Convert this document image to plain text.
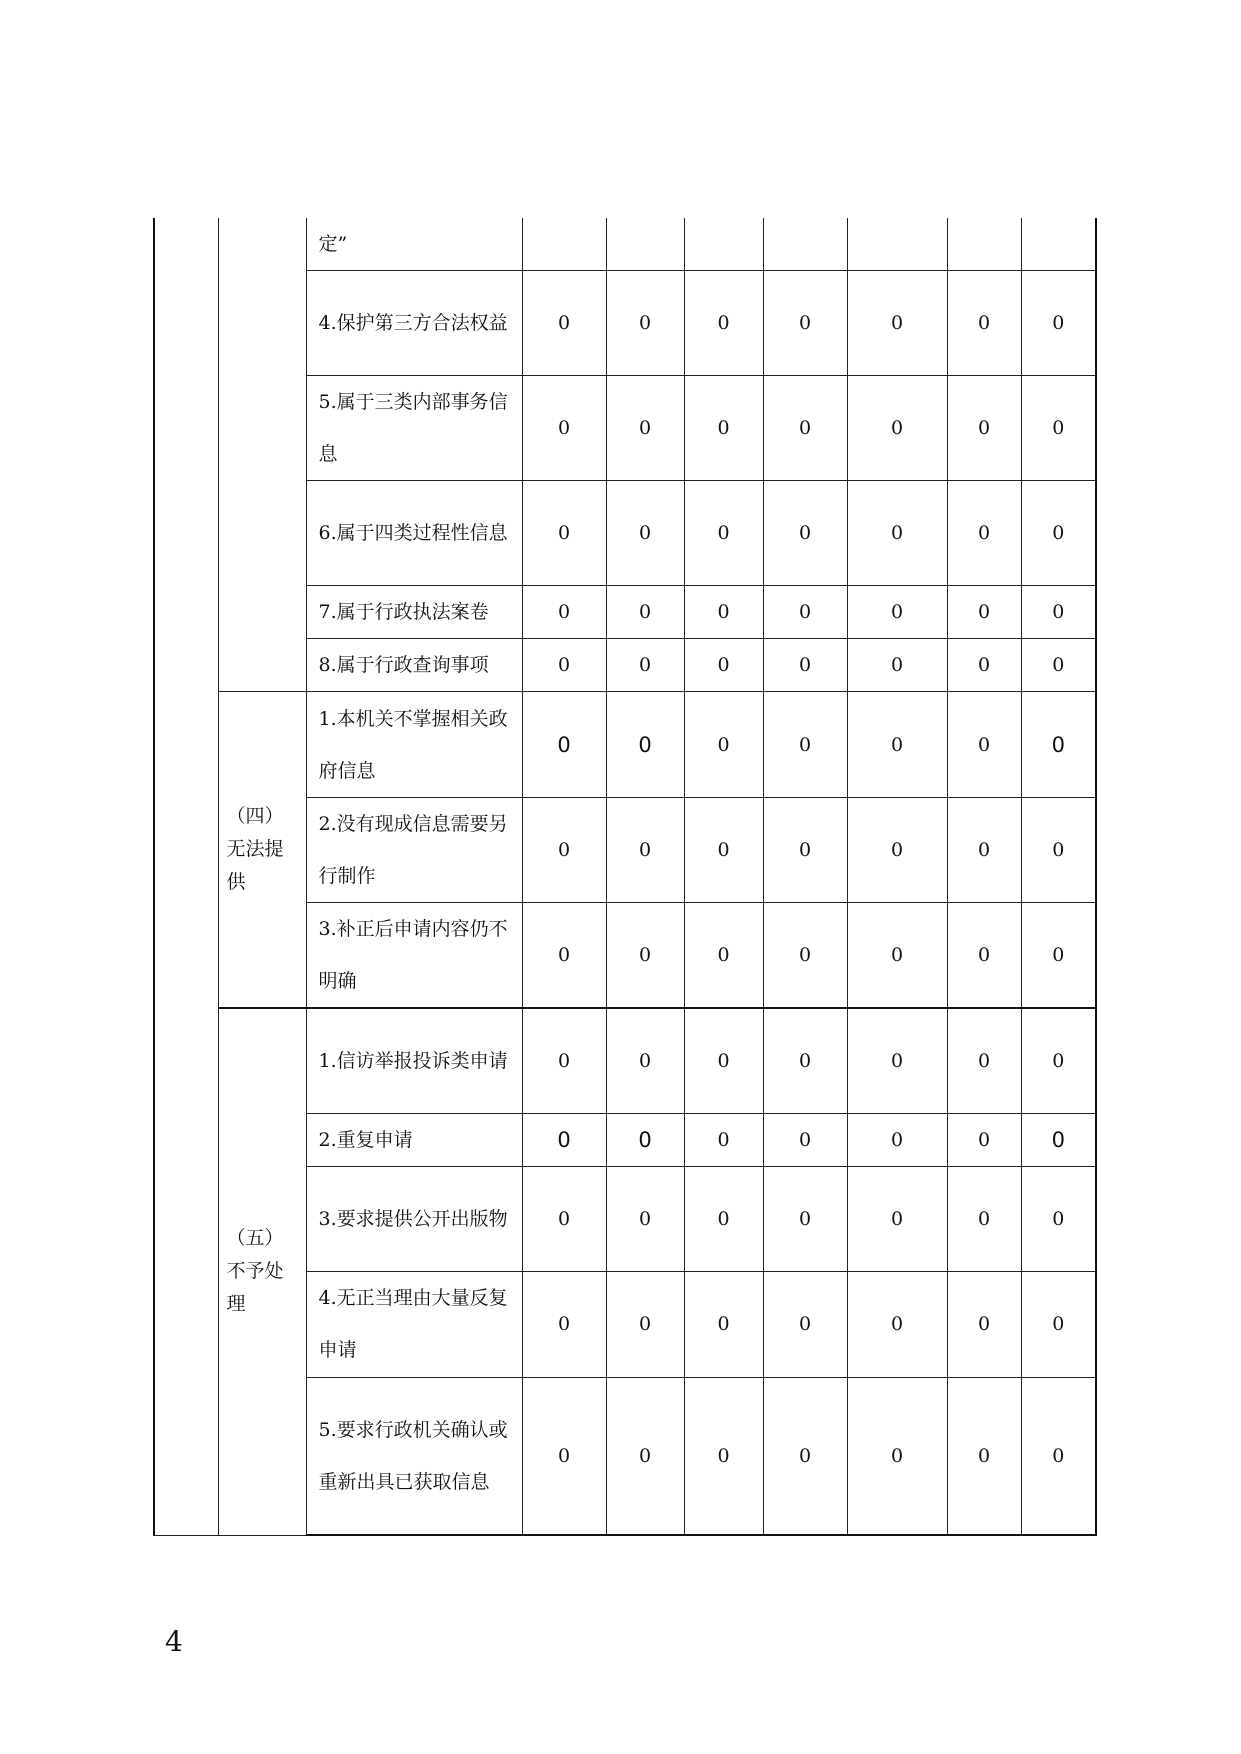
		定”							
		4.保护第三方合法权益	0	0	0	0	0	0	0
		5.属于三类内部事务信息	0	0	0	0	0	0	0
		6.属于四类过程性信息	0	0	0	0	0	0	0
		7.属于行政执法案卷	0	0	0	0	0	0	0
		8.属于行政查询事项	0	0	0	0	0	0	0
	（四）无法提供	1.本机关不掌握相关政府信息	0	0	0	0	0	0	0
		2.没有现成信息需要另行制作	0	0	0	0	0	0	0
		3.补正后申请内容仍不明确	0	0	0	0	0	0	0
	（五）不予处理	1.信访举报投诉类申请	0	0	0	0	0	0	0
		2.重复申请	0	0	0	0	0	0	0
		3.要求提供公开出版物	0	0	0	0	0	0	0
		4.无正当理由大量反复申请	0	0	0	0	0	0	0
		5.要求行政机关确认或重新出具已获取信息	0	0	0	0	0	0	0
4
